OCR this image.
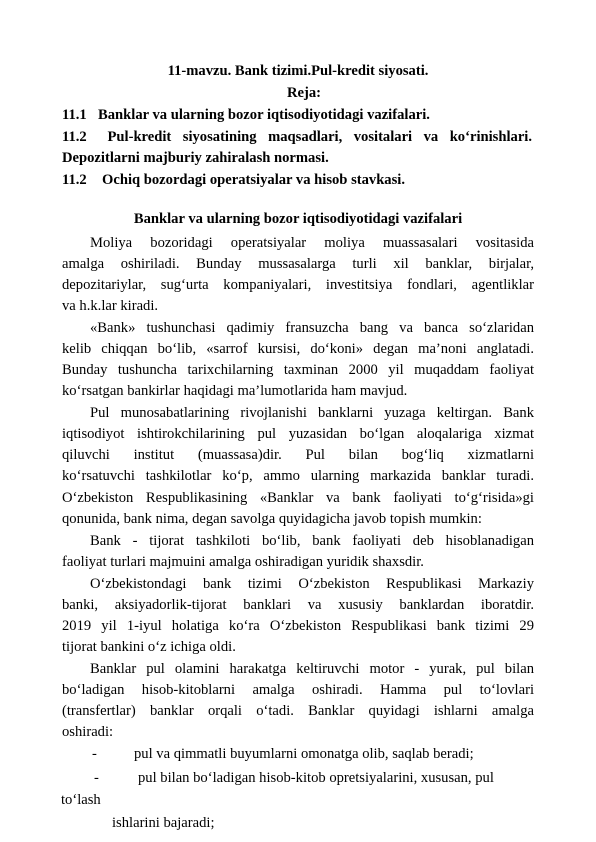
11-mavzu. Bank tizimi.Pul-kredit siyosati.
Reja:
11.1 Banklar va ularning bozor iqtisodiyotidagi vazifalari.
11.2 Pul-kredit siyosatining maqsadlari, vositalari va ko‘rinishlari.
Depozitlarni majburiy zahiralash normasi.
11.2 Ochiq bozordagi operatsiyalar va hisob stavkasi.
Banklar va ularning bozor iqtisodiyotidagi vazifalari
Moliya bozoridagi operatsiyalar moliya muassasalari vositasida
amalga oshiriladi. Bunday mussasalarga turli xil banklar, birjalar,
depozitariylar, sug‘urta kompaniyalari, investitsiya fondlari, agentliklar
va h.k.lar kiradi.
«Bank» tushunchasi qadimiy fransuzcha bang va banca so‘zlaridan
kelib chiqqan bo‘lib, «sarrof kursisi, do‘koni» degan ma’noni anglatadi.
Bunday tushuncha tarixchilarning taxminan 2000 yil muqaddam faoliyat
ko‘rsatgan bankirlar haqidagi ma’lumotlarida ham mavjud.
Pul munosabatlarining rivojlanishi banklarni yuzaga keltirgan. Bank
iqtisodiyot ishtirokchilarining pul yuzasidan bo‘lgan aloqalariga xizmat
qiluvchi institut (muassasa)dir. Pul bilan bog‘liq xizmatlarni
ko‘rsatuvchi tashkilotlar ko‘p, ammo ularning markazida banklar turadi.
O‘zbekiston Respublikasining «Banklar va bank faoliyati to‘g‘risida»gi
qonunida, bank nima, degan savolga quyidagicha javob topish mumkin:
Bank - tijorat tashkiloti bo‘lib, bank faoliyati deb hisoblanadigan
faoliyat turlari majmuini amalga oshiradigan yuridik shaxsdir.
O‘zbekistondagi bank tizimi O‘zbekiston Respublikasi Markaziy
banki, aksiyadorlik-tijorat banklari va xususiy banklardan iboratdir.
2019 yil 1-iyul holatiga ko‘ra O‘zbekiston Respublikasi bank tizimi 29
tijorat bankini o‘z ichiga oldi.
Banklar pul olamini harakatga keltiruvchi motor - yurak, pul bilan
bo‘ladigan hisob-kitoblarni amalga oshiradi. Hamma pul to‘lovlari
(transfertlar) banklar orqali o‘tadi. Banklar quyidagi ishlarni amalga
oshiradi:
-	pul va qimmatli buyumlarni omonatga olib, saqlab beradi;
-	pul bilan bo‘ladigan hisob-kitob opretsiyalarini, xususan, pul
to‘lash
ishlarini bajaradi;
